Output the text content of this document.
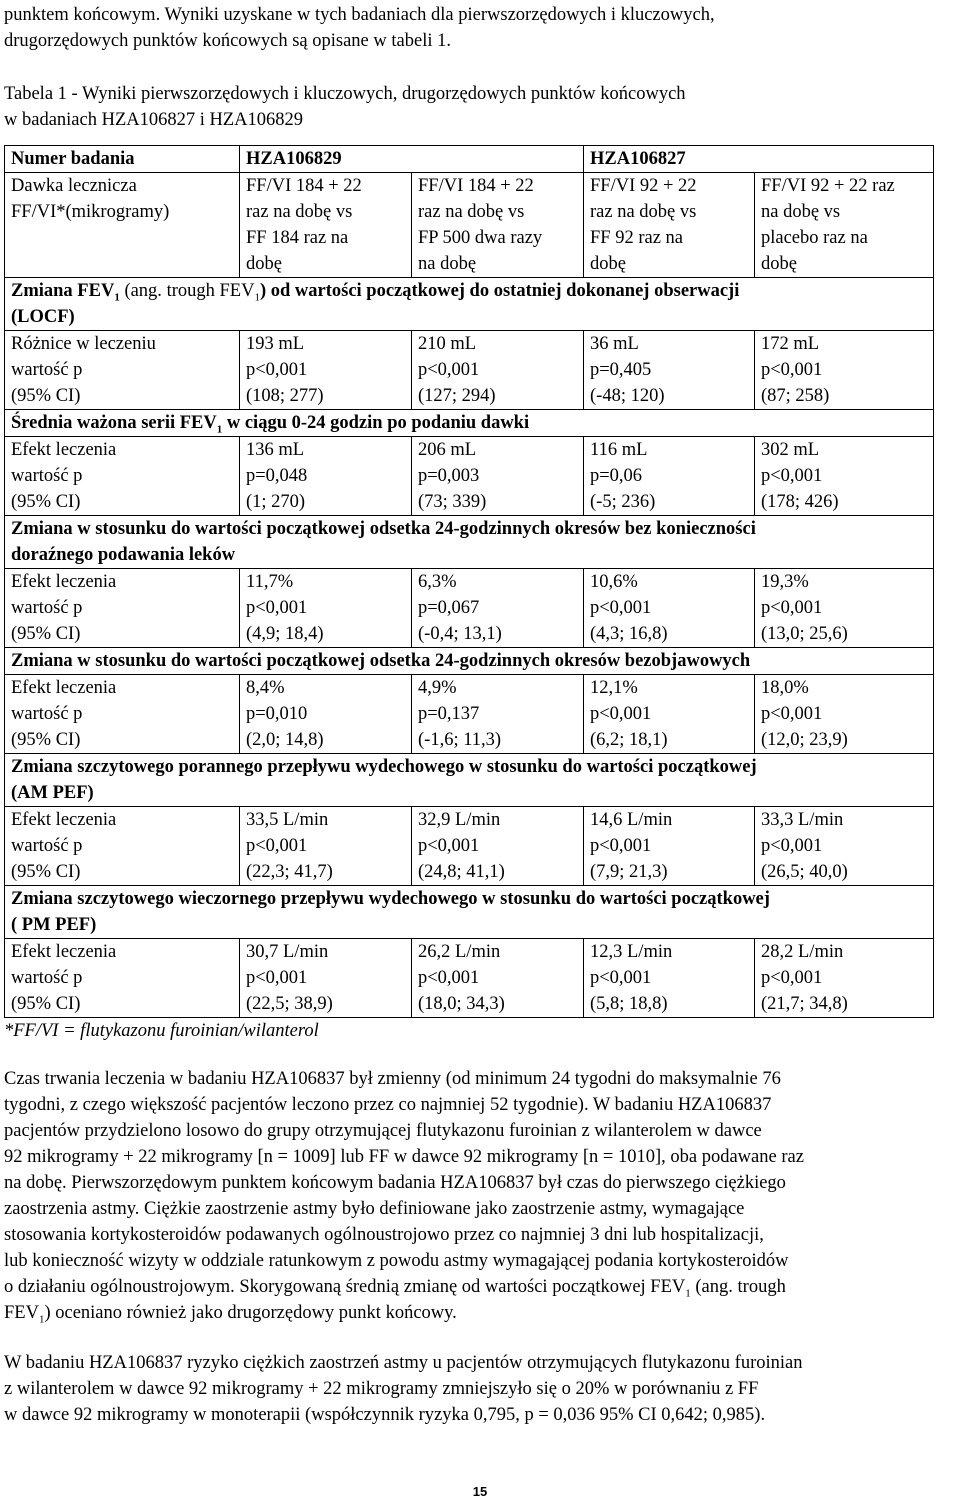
punktem końcowym. Wyniki uzyskane w tych badaniach dla pierwszorzędowych i kluczowych,
drugorzędowych punktów końcowych są opisane w tabeli 1.

Tabela 1 - Wyniki pierwszorzędowych i kluczowych, drugorzędowych punktów końcowych
w badaniach HZA106827 i HZA106829

Numer badania	HZA106829		HZA106827	

Dawka lecznicza
FF/VI*(mikrogramy)	FF/VI 184 + 22
raz na dobę vs
FF 184 raz na
dobę	FF/VI 184 + 22
raz na dobę vs
FP 500 dwa razy
na dobę	FF/VI 92 + 22
raz na dobę vs
FF 92 raz na
dobę	FF/VI 92 + 22 raz
na dobę vs
placebo raz na
dobę

Zmiana $FEV_1$ (ang. trough $FEV_1$) od wartości początkowej do ostatniej dokonanej obserwacji
(LOCF)				

Różnice w leczeniu
wartość p
(95% CI)	193 mL
p<0,001
(108; 277)	210 mL
p<0,001
(127; 294)	36 mL
p=0,405
(-48; 120)	172 mL
p<0,001
(87; 258)

Średnia ważona serii $FEV_1$ w ciągu 0-24 godzin po podaniu dawki				

Efekt leczenia
wartość p
(95% CI)	136 mL
p=0,048
(1; 270)	206 mL
p=0,003
(73; 339)	116 mL
p=0,06
(-5; 236)	302 mL
p<0,001
(178; 426)

Zmiana w stosunku do wartości początkowej odsetka 24-godzinnych okresów bez konieczności
doraźnego podawania leków				

Efekt leczenia
wartość p
(95% CI)	11,7%
p<0,001
(4,9; 18,4)	6,3%
p=0,067
(-0,4; 13,1)	10,6%
p<0,001
(4,3; 16,8)	19,3%
p<0,001
(13,0; 25,6)

Zmiana w stosunku do wartości początkowej odsetka 24-godzinnych okresów bezobjawowych				

Efekt leczenia
wartość p
(95% CI)	8,4%
p=0,010
(2,0; 14,8)	4,9%
p=0,137
(-1,6; 11,3)	12,1%
p<0,001
(6,2; 18,1)	18,0%
p<0,001
(12,0; 23,9)

Zmiana szczytowego porannego przepływu wydechowego w stosunku do wartości początkowej
(AM PEF)				

Efekt leczenia
wartość p
(95% CI)	33,5 L/min
p<0,001
(22,3; 41,7)	32,9 L/min
p<0,001
(24,8; 41,1)	14,6 L/min
p<0,001
(7,9; 21,3)	33,3 L/min
p<0,001
(26,5; 40,0)

Zmiana szczytowego wieczornego przepływu wydechowego w stosunku do wartości początkowej
( PM PEF)				

Efekt leczenia
wartość p
(95% CI)	30,7 L/min
p<0,001
(22,5; 38,9)	26,2 L/min
p<0,001
(18,0; 34,3)	12,3 L/min
p<0,001
(5,8; 18,8)	28,2 L/min
p<0,001
(21,7; 34,8)

*FF/VI = flutykazonu furoinian/wilanterol

Czas trwania leczenia w badaniu HZA106837 był zmienny (od minimum 24 tygodni do maksymalnie 76
tygodni, z czego większość pacjentów leczono przez co najmniej 52 tygodnie). W badaniu HZA106837
pacjentów przydzielono losowo do grupy otrzymującej flutykazonu furoinian z wilanterolem w dawce
92 mikrogramy + 22 mikrogramy [n = 1009] lub FF w dawce 92 mikrogramy [n = 1010], oba podawane raz
na dobę. Pierwszorzędowym punktem końcowym badania HZA106837 był czas do pierwszego ciężkiego
zaostrzenia astmy. Ciężkie zaostrzenie astmy było definiowane jako zaostrzenie astmy, wymagające
stosowania kortykosteroidów podawanych ogólnoustrojowo przez co najmniej 3 dni lub hospitalizacji,
lub konieczność wizyty w oddziale ratunkowym z powodu astmy wymagającej podania kortykosteroidów
o działaniu ogólnoustrojowym. Skorygowaną średnią zmianę od wartości początkowej $FEV_1$ (ang. trough
$FEV_1$) oceniano również jako drugorzędowy punkt końcowy.

W badaniu HZA106837 ryzyko ciężkich zaostrzeń astmy u pacjentów otrzymujących flutykazonu furoinian
z wilanterolem w dawce 92 mikrogramy + 22 mikrogramy zmniejszyło się o 20% w porównaniu z FF
w dawce 92 mikrogramy w monoterapii (współczynnik ryzyka 0,795, p = 0,036 95% CI 0,642; 0,985).

15
